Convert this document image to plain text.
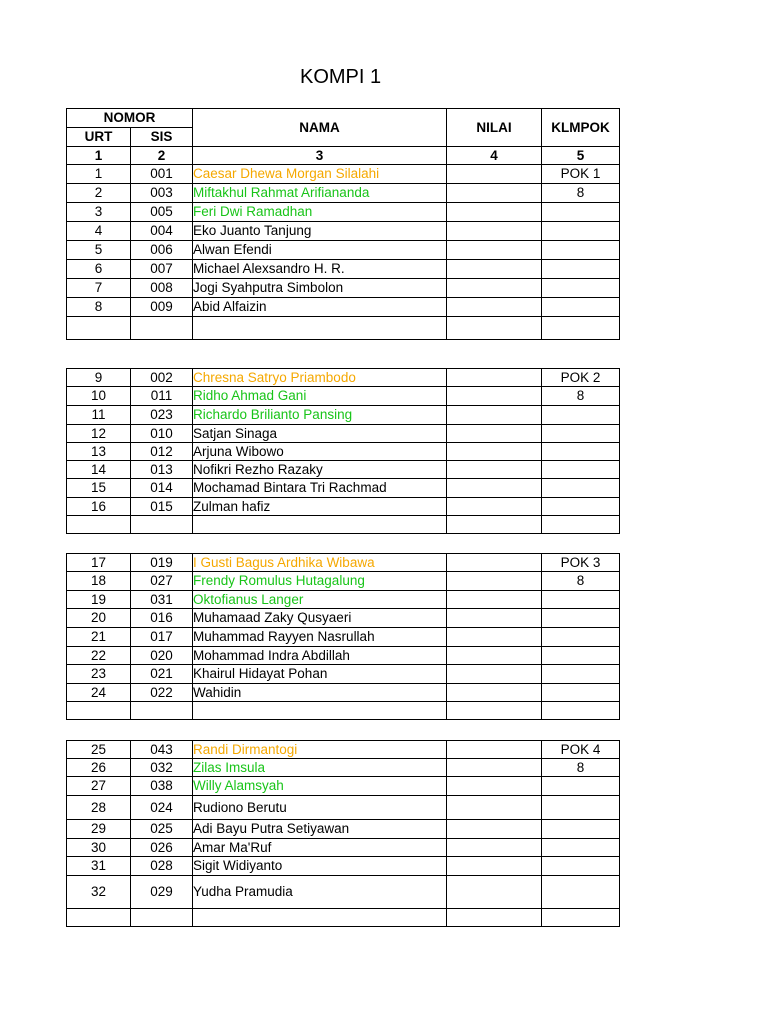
KOMPI 1
NOMOR		NAMA	NILAI	KLMPOK
URT	SIS			
1	2	3	4	5
1	001	Caesar Dhewa Morgan Silalahi		POK 1
2	003	Miftakhul Rahmat Arifiananda		8
3	005	Feri Dwi Ramadhan		
4	004	Eko Juanto Tanjung		
5	006	Alwan Efendi		
6	007	Michael Alexsandro H. R.		
7	008	Jogi Syahputra Simbolon		
8	009	Abid Alfaizin		

9	002	Chresna Satryo Priambodo		POK 2
10	011	Ridho Ahmad Gani		8
11	023	Richardo Brilianto Pansing		
12	010	Satjan Sinaga		
13	012	Arjuna Wibowo		
14	013	Nofikri Rezho Razaky		
15	014	Mochamad Bintara Tri Rachmad		
16	015	Zulman hafiz		

17	019	I Gusti Bagus Ardhika Wibawa		POK 3
18	027	Frendy Romulus Hutagalung		8
19	031	Oktofianus Langer		
20	016	Muhamaad Zaky Qusyaeri		
21	017	Muhammad Rayyen Nasrullah		
22	020	Mohammad Indra Abdillah		
23	021	Khairul Hidayat Pohan		
24	022	Wahidin		

25	043	Randi Dirmantogi		POK 4
26	032	Zilas Imsula		8
27	038	Willy Alamsyah		
28	024	Rudiono Berutu		
29	025	Adi Bayu Putra Setiyawan		
30	026	Amar Ma'Ruf		
31	028	Sigit Widiyanto		
32	029	Yudha Pramudia		
